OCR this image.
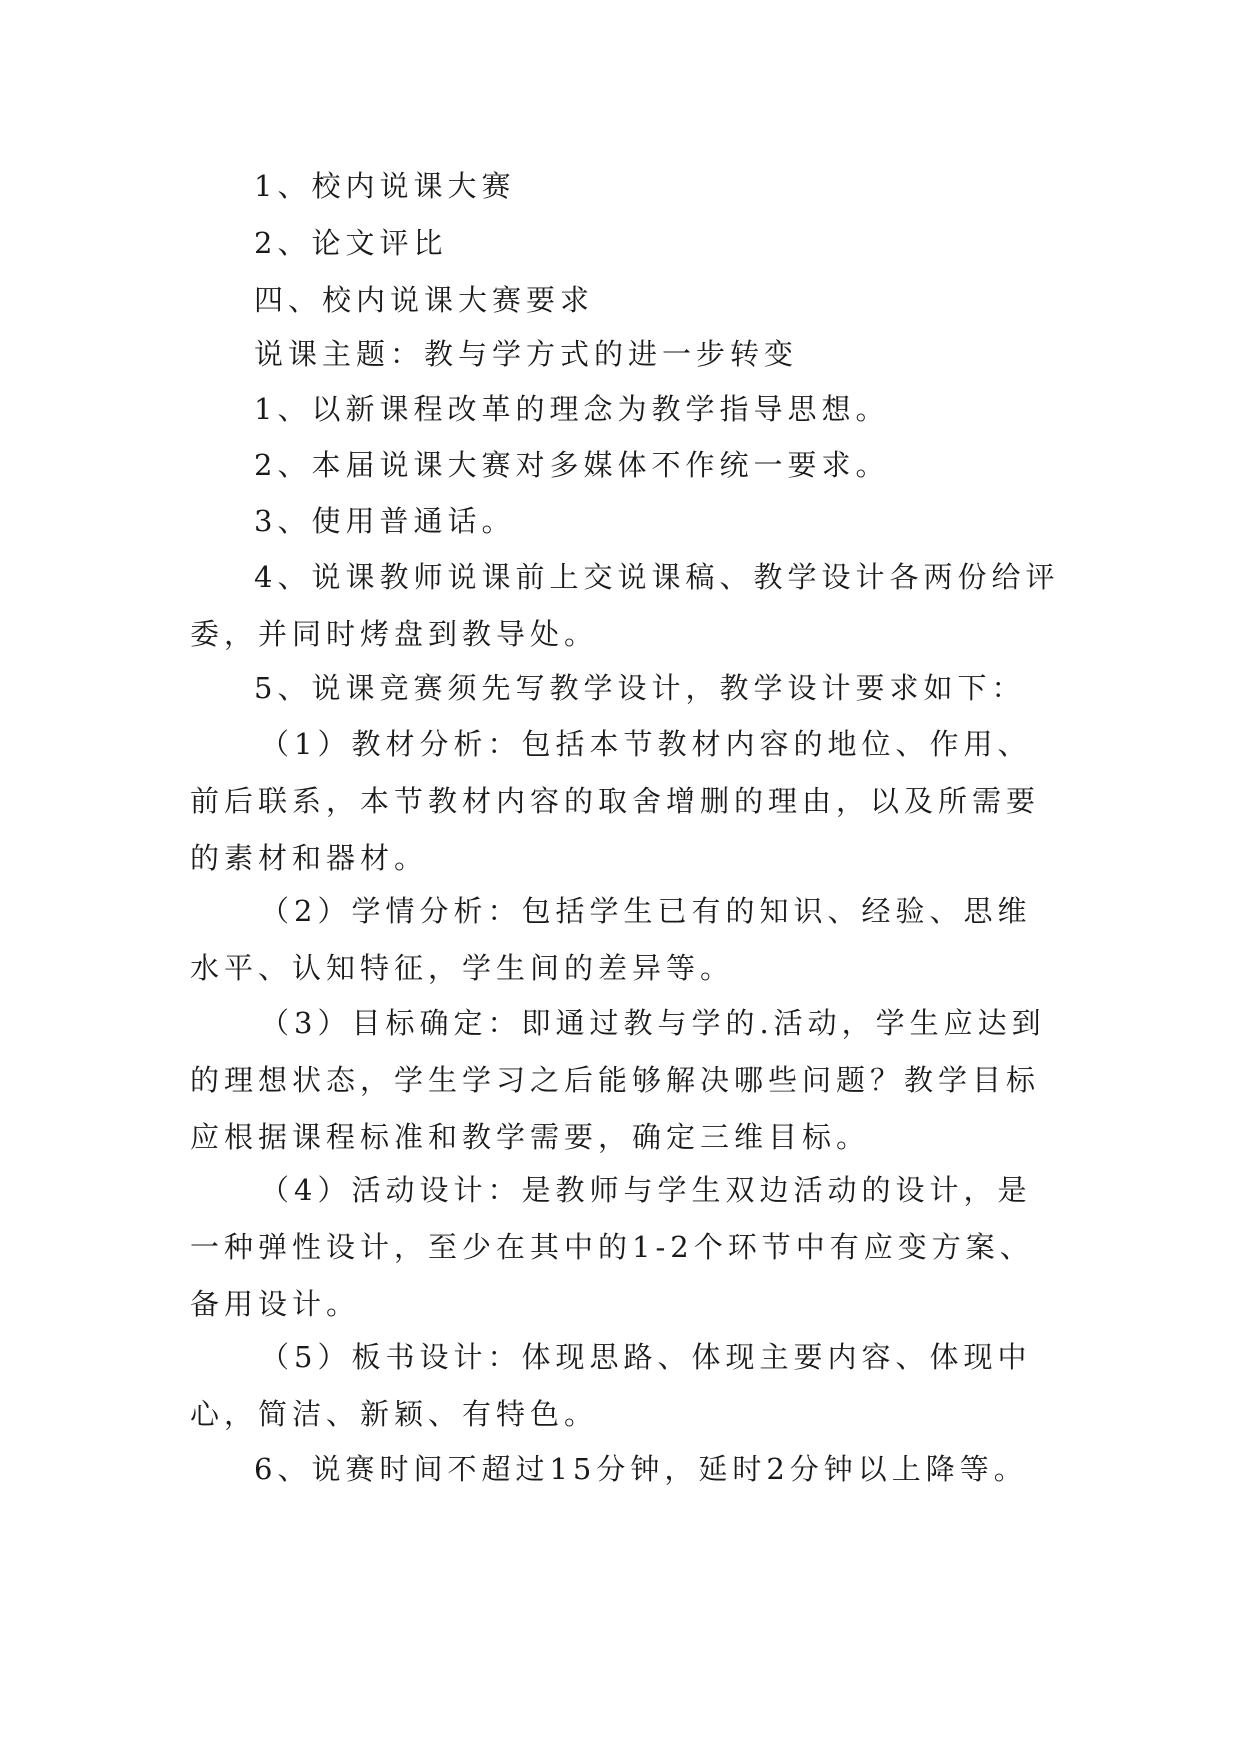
1、校内说课大赛

2、论文评比

四、校内说课大赛要求

说课主题：教与学方式的进一步转变

1、以新课程改革的理念为教学指导思想。

2、本届说课大赛对多媒体不作统一要求。

3、使用普通话。

4、说课教师说课前上交说课稿、教学设计各两份给评委，并同时烤盘到教导处。

5、说课竞赛须先写教学设计，教学设计要求如下：

（1）教材分析：包括本节教材内容的地位、作用、前后联系，本节教材内容的取舍增删的理由，以及所需要的素材和器材。

（2）学情分析：包括学生已有的知识、经验、思维水平、认知特征，学生间的差异等。

（3）目标确定：即通过教与学的.活动，学生应达到的理想状态，学生学习之后能够解决哪些问题？教学目标应根据课程标准和教学需要，确定三维目标。

（4）活动设计：是教师与学生双边活动的设计，是一种弹性设计，至少在其中的1-2个环节中有应变方案、备用设计。

（5）板书设计：体现思路、体现主要内容、体现中心，简洁、新颖、有特色。

6、说赛时间不超过15分钟，延时2分钟以上降等。
